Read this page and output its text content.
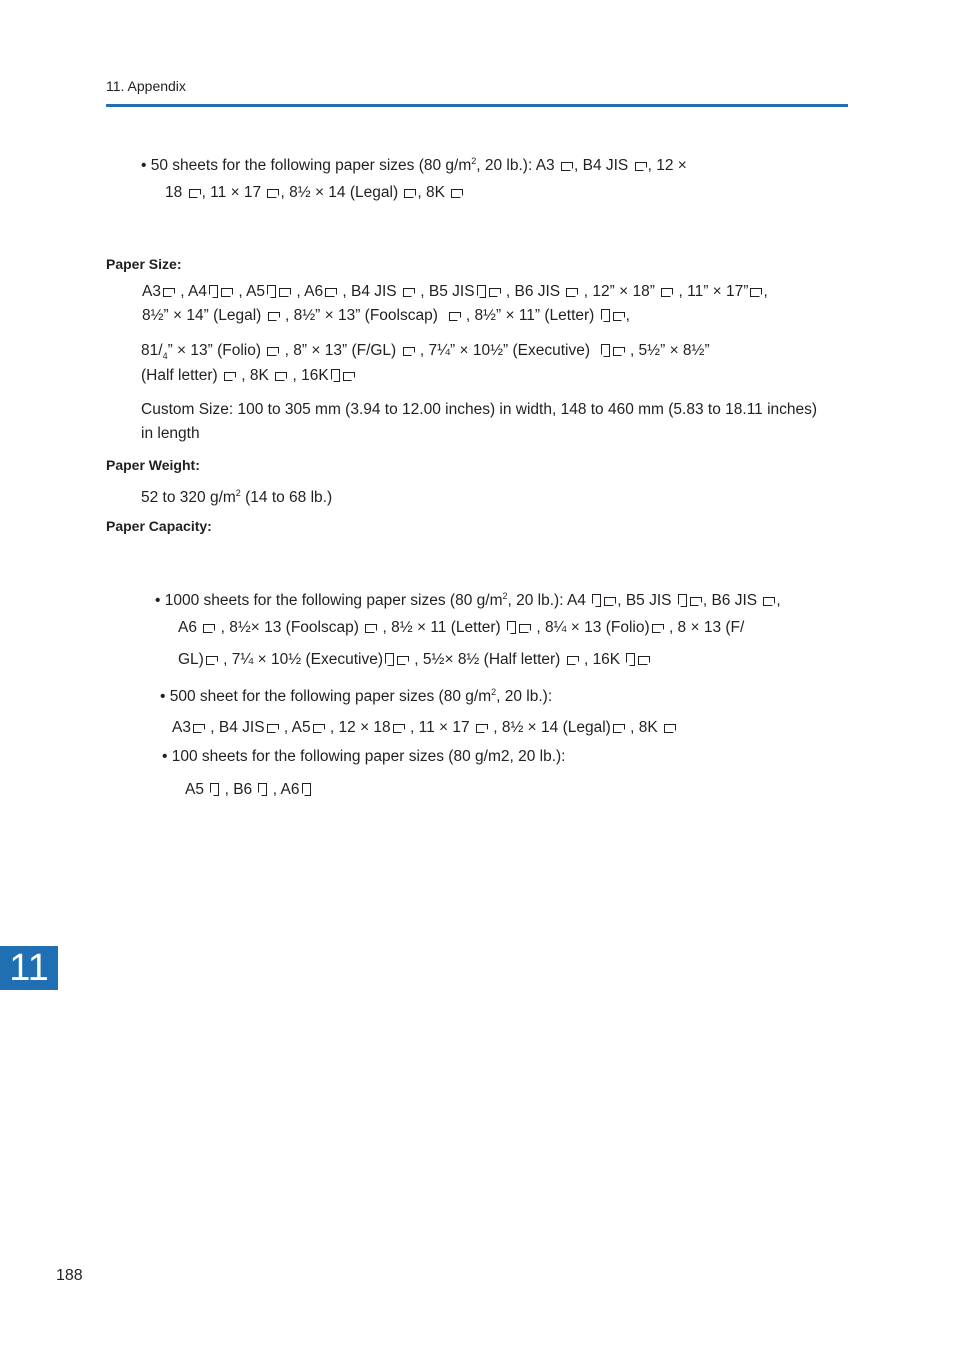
11. Appendix
• 50 sheets for the following paper sizes (80 $g/m^2$, 20 lb.): A3 , B4 JIS , 12 ×
18 , 11 × 17 , 8½ × 14 (Legal) , 8K
Paper Size:
A3 , A4 , A5 , A6 , B4 JIS , B5 JIS , B6 JIS , 12” × 18” , 11” × 17” ,
8½” × 14” (Legal) , 8½” × 13” (Foolscap) , 8½” × 11” (Letter) ,
$81/_4$” × 13” (Folio) , 8” × 13” (F/GL) , 7¼” × 10½” (Executive)	, 5½” × 8½”
(Half letter) , 8K , 16K
Custom Size: 100 to 305 mm (3.94 to 12.00 inches) in width, 148 to 460 mm (5.83 to 18.11 inches) in length
Paper Weight:
52 to 320 $g/m^2$ (14 to 68 lb.)
Paper Capacity:
• 1000 sheets for the following paper sizes (80 $g/m^2$, 20 lb.): A4 , B5 JIS , B6 JIS ,
A6 , 8½× 13 (Foolscap) , 8½ × 11 (Letter) , 8¼ × 13 (Folio) , 8 × 13 (F/
GL) , 7¼ × 10½ (Executive) , 5½× 8½ (Half letter) , 16K
• 500 sheet for the following paper sizes (80 $g/m^2$, 20 lb.):
A3 , B4 JIS , A5 , 12 × 18 , 11 × 17 , 8½ × 14 (Legal) , 8K
• 100 sheets for the following paper sizes (80 g/m2, 20 lb.):
A5 , B6 , A6
11
188
